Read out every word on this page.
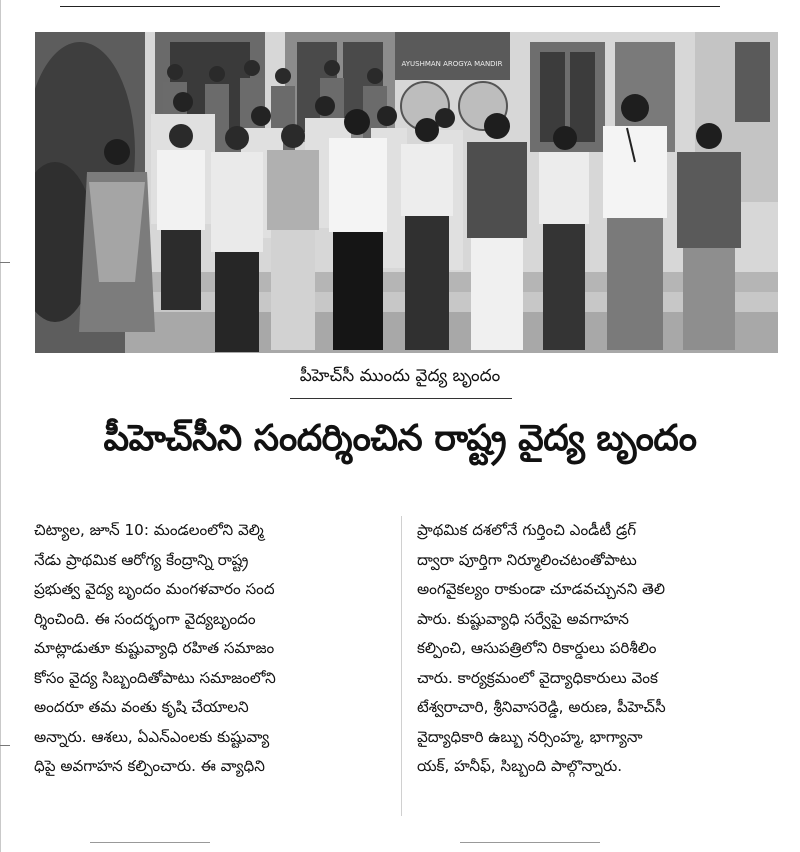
AYUSHMAN AROGYA MANDIR
పీహెచ్‌సీ ముందు వైద్య బృందం
పీహెచ్‌సీని సందర్శించిన రాష్ట్ర వైద్య బృందం
చిట్యాల, జూన్ 10: మండలంలోని వెల్మి
నేడు ప్రాథమిక ఆరోగ్య కేంద్రాన్ని రాష్ట్ర
ప్రభుత్వ వైద్య బృందం మంగళవారం సంద
ర్శించింది. ఈ సందర్భంగా వైద్యబృందం
మాట్లాడుతూ కుష్టువ్యాధి రహిత సమాజం
కోసం వైద్య సిబ్బందితోపాటు సమాజంలోని
అందరూ తమ వంతు కృషి చేయాలని
అన్నారు. ఆశలు, ఏఎన్‌ఎంలకు కుష్టువ్యా
ధిపై అవగాహన కల్పించారు. ఈ వ్యాధిని
ప్రాథమిక దశలోనే గుర్తించి ఎండీటీ డ్రగ్
ద్వారా పూర్తిగా నిర్మూలించటంతోపాటు
అంగవైకల్యం రాకుండా చూడవచ్చునని తెలి
పారు. కుష్టువ్యాధి సర్వేపై అవగాహన
కల్పించి, ఆసుపత్రిలోని రికార్డులు పరిశీలిం
చారు. కార్యక్రమంలో వైద్యాధికారులు వెంక
టేశ్వరాచారి, శ్రీనివాసరెడ్డి, అరుణ, పీహెచ్‌సీ
వైద్యాధికారి ఉబ్బు నర్సింహ్మ, భాగ్యానా
యక్, హనీఫ్, సిబ్బంది పాల్గొన్నారు.
